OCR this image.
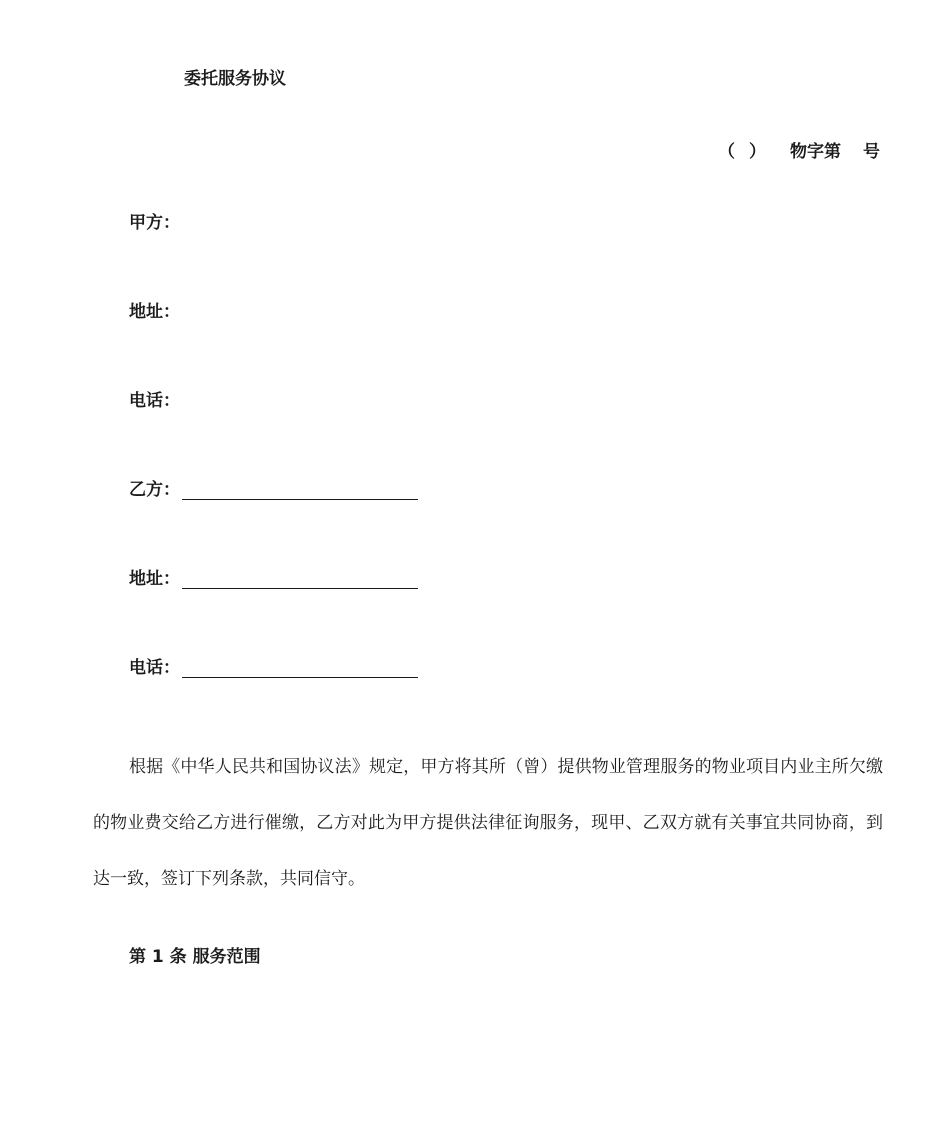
委托服务协议
（ ） 物字第 号
甲方：
地址：
电话：
乙方：
地址：
电话：

根据《中华人民共和国协议法》规定，甲方将其所（曾）提供物业管理服务的物业项目内业主所欠缴的物业费交给乙方进行催缴，乙方对此为甲方提供法律征询服务，现甲、乙双方就有关事宜共同协商，到达一致，签订下列条款，共同信守。

第 1 条 服务范围
